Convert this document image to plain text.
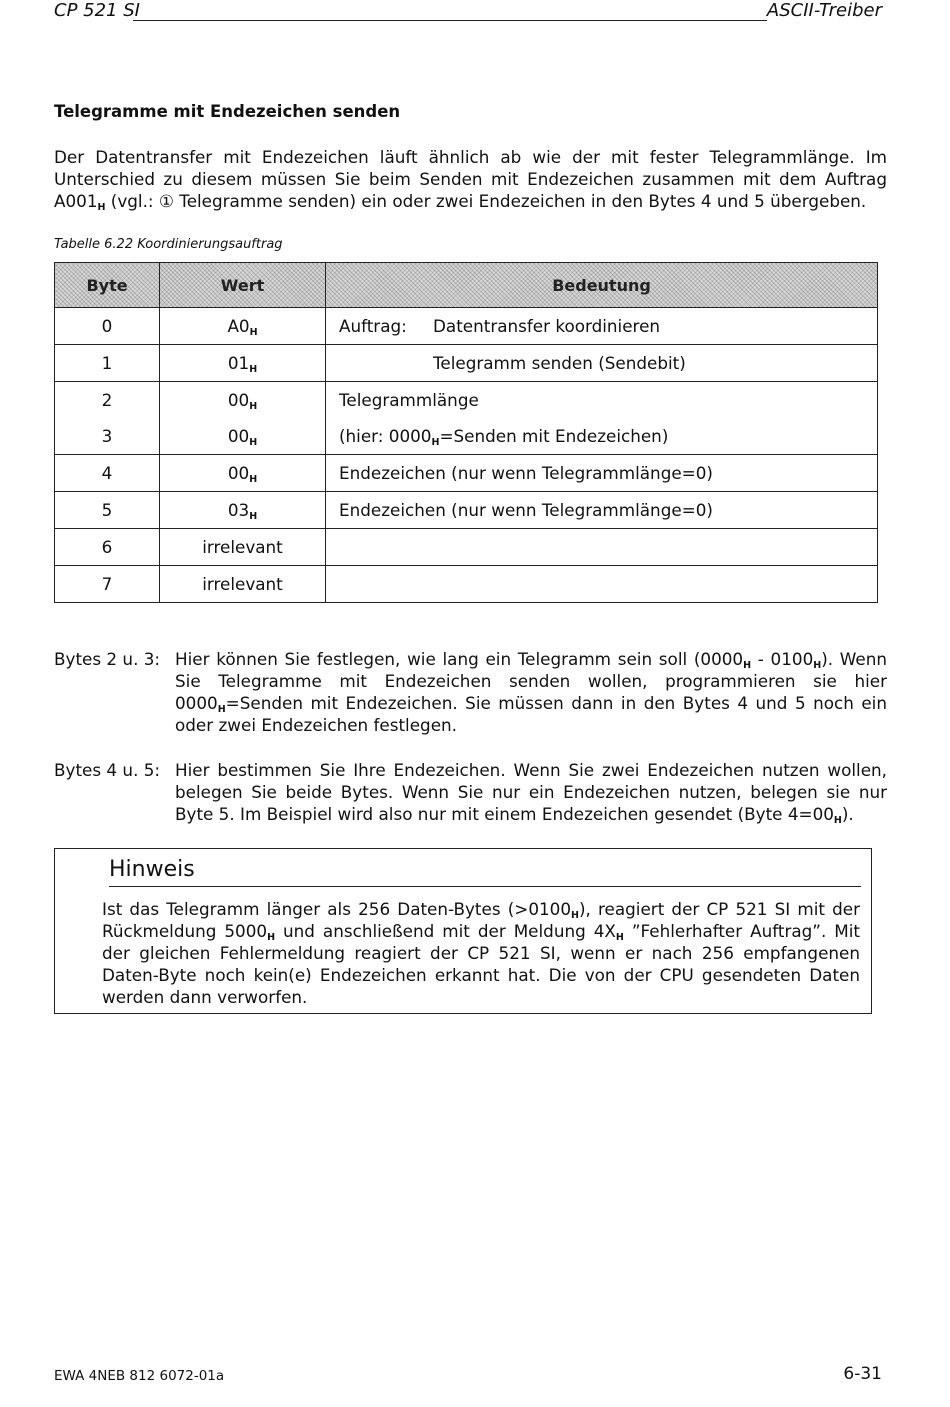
CP 521 SI	ASCII-Treiber
Telegramme mit Endezeichen senden

Der Datentransfer mit Endezeichen läuft ähnlich ab wie der mit fester Telegrammlänge. Im Unterschied zu diesem müssen Sie beim Senden mit Endezeichen zusammen mit dem Auftrag $A001_H$ (vgl.: ① Telegramme senden) ein oder zwei Endezeichen in den Bytes 4 und 5 übergeben.

Tabelle 6.22 Koordinierungsauftrag
Byte	Wert	Bedeutung
0	$A0_H$	Auftrag: Datentransfer koordinieren
1	$01_H$	Telegramm senden (Sendebit)
2	$00_H$	Telegrammlänge
3	$00_H$	(hier: $0000_H=Senden$ mit Endezeichen)
4	$00_H$	Endezeichen (nur wenn Telegrammlänge=0)
5	$03_H$	Endezeichen (nur wenn Telegrammlänge=0)
6	irrelevant	
7	irrelevant	
Bytes 2 u. 3: Hier können Sie festlegen, wie lang ein Telegramm sein soll $(0000_H - 0100_H)$. Wenn Sie Telegramme mit Endezeichen senden wollen, programmieren sie hier $0000_H=Senden$ mit Endezeichen. Sie müssen dann in den Bytes 4 und 5 noch ein oder zwei Endezeichen festlegen.
Bytes 4 u. 5: Hier bestimmen Sie Ihre Endezeichen. Wenn Sie zwei Endezeichen nutzen wollen, belegen Sie beide Bytes. Wenn Sie nur ein Endezeichen nutzen, belegen sie nur Byte 5. Im Beispiel wird also nur mit einem Endezeichen gesendet (Byte $4=00_H$).
Hinweis
Ist das Telegramm länger als 256 Daten-Bytes $(>0100_H)$, reagiert der CP 521 SI mit der Rückmeldung $5000_H$ und anschließend mit der Meldung $4X_H$ ”Fehlerhafter Auftrag”. Mit der gleichen Fehlermeldung reagiert der CP 521 SI, wenn er nach 256 empfangenen Daten-Byte noch kein(e) Endezeichen erkannt hat. Die von der CPU gesendeten Daten werden dann verworfen.
EWA 4NEB 812 6072-01a	6-31
